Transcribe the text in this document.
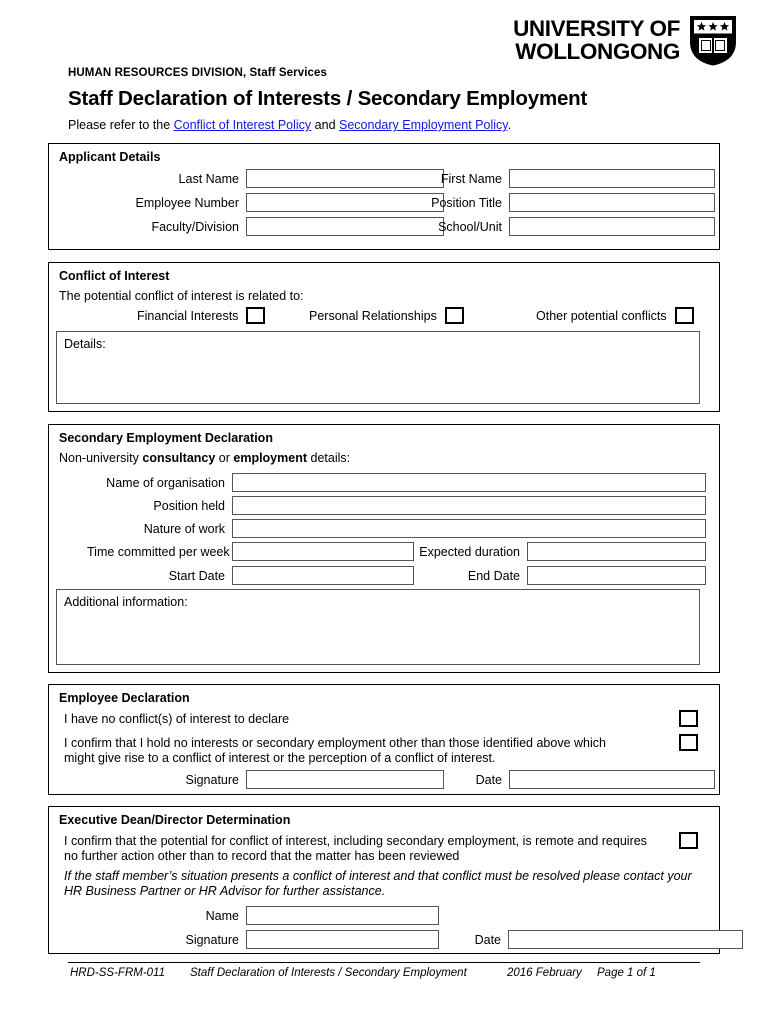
UNIVERSITY OF
WOLLONGONG
HUMAN RESOURCES DIVISION, Staff Services
Staff Declaration of Interests / Secondary Employment
Please refer to the Conflict of Interest Policy and Secondary Employment Policy.
Applicant Details
Last Name	First Name
Employee Number	Position Title
Faculty/Division	School/Unit
Conflict of Interest
The potential conflict of interest is related to:
Financial Interests	Personal Relationships	Other potential conflicts
Details:
Secondary Employment Declaration
Non-university consultancy or employment details:
Name of organisation
Position held
Nature of work
Time committed per week	Expected duration
Start Date	End Date
Additional information:
Employee Declaration
I have no conflict(s) of interest to declare
I confirm that I hold no interests or secondary employment other than those identified above which
might give rise to a conflict of interest or the perception of a conflict of interest.
Signature	Date
Executive Dean/Director Determination
I confirm that the potential for conflict of interest, including secondary employment, is remote and requires
no further action other than to record that the matter has been reviewed
If the staff member’s situation presents a conflict of interest and that conflict must be resolved please contact your
HR Business Partner or HR Advisor for further assistance.
Name
Signature	Date
HRD-SS-FRM-011 Staff Declaration of Interests / Secondary Employment	2016 February Page 1 of 1
